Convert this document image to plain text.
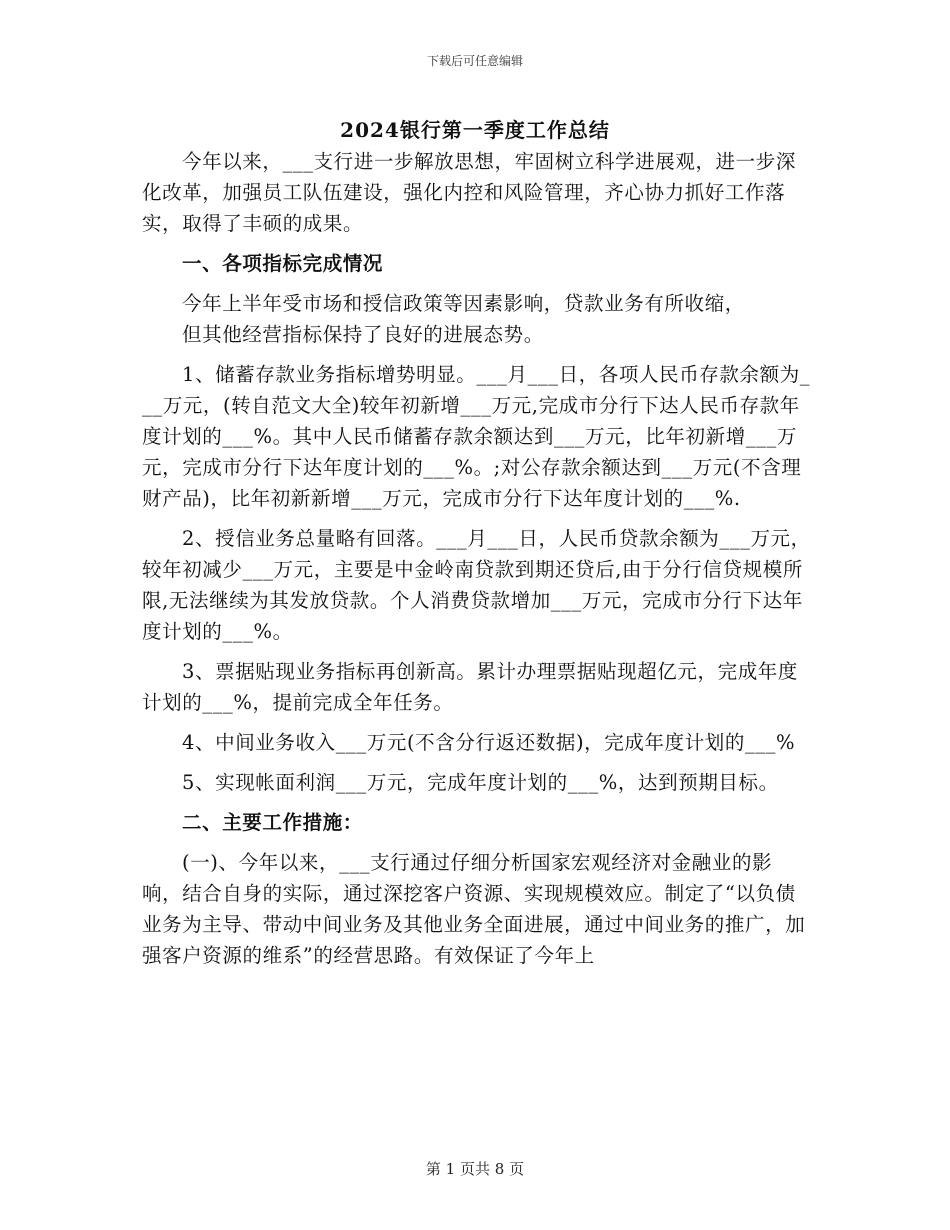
下载后可任意编辑
2024银行第一季度工作总结

今年以来，___支行进一步解放思想，牢固树立科学进展观，进一步深化改革，加强员工队伍建设，强化内控和风险管理，齐心协力抓好工作落实，取得了丰硕的成果。

一、各项指标完成情况

今年上半年受市场和授信政策等因素影响，贷款业务有所收缩，

但其他经营指标保持了良好的进展态势。

1、储蓄存款业务指标增势明显。___月___日，各项人民币存款余额为___万元，(转自范文大全)较年初新增___万元,完成市分行下达人民币存款年度计划的___%。其中人民币储蓄存款余额达到___万元，比年初新增___万元，完成市分行下达年度计划的___%。;对公存款余额达到___万元(不含理财产品)，比年初新新增___万元，完成市分行下达年度计划的___%.

2、授信业务总量略有回落。___月___日，人民币贷款余额为___万元，较年初减少___万元，主要是中金岭南贷款到期还贷后,由于分行信贷规模所限,无法继续为其发放贷款。个人消费贷款增加___万元，完成市分行下达年度计划的___%。

3、票据贴现业务指标再创新高。累计办理票据贴现超亿元，完成年度计划的___%，提前完成全年任务。

4、中间业务收入___万元(不含分行返还数据)，完成年度计划的___%

5、实现帐面利润___万元，完成年度计划的___%，达到预期目标。

二、主要工作措施：

(一)、今年以来，___支行通过仔细分析国家宏观经济对金融业的影响，结合自身的实际，通过深挖客户资源、实现规模效应。制定了“以负债业务为主导、带动中间业务及其他业务全面进展，通过中间业务的推广，加强客户资源的维系”的经营思路。有效保证了今年上

第 1 页共 8 页
